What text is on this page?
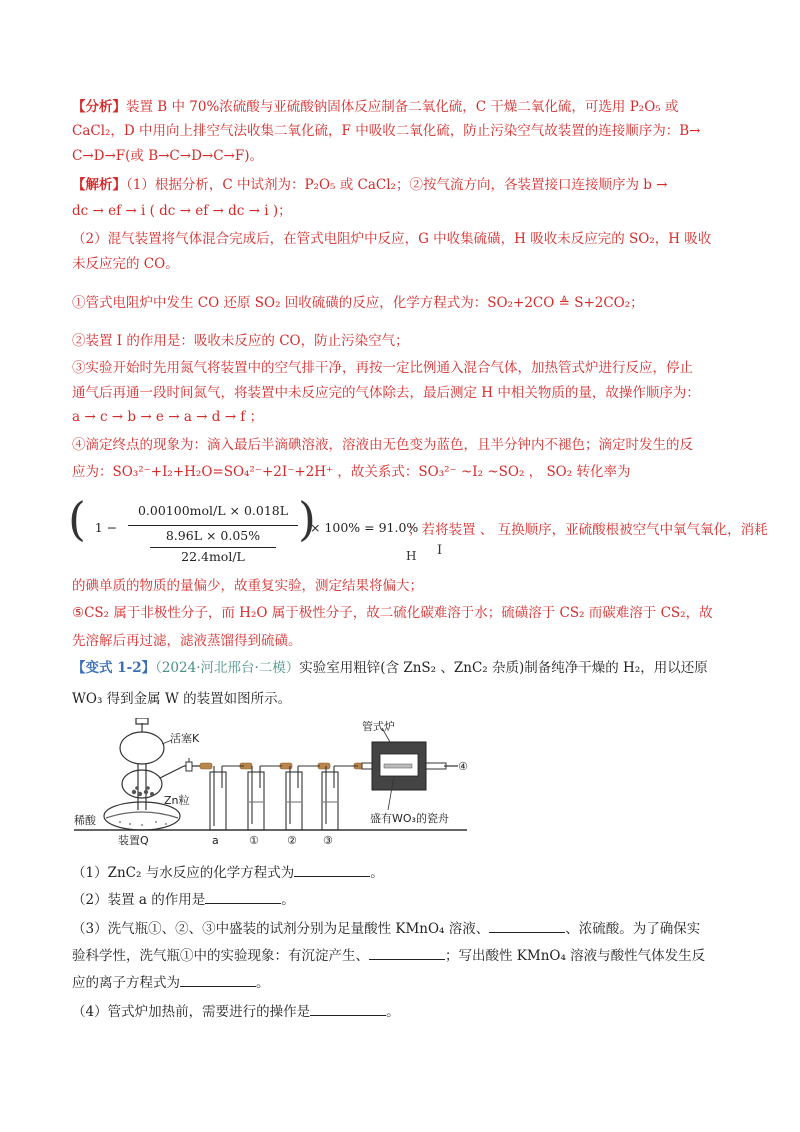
【分析】装置 B 中 70%浓硫酸与亚硫酸钠固体反应制备二氧化硫，C 干燥二氧化硫，可选用 P₂O₅ 或
CaCl₂，D 中用向上排空气法收集二氧化硫，F 中吸收二氧化硫，防止污染空气故装置的连接顺序为：B→
C→D→F(或 B→C→D→C→F)。
【解析】（1）根据分析，C 中试剂为：P₂O₅ 或 CaCl₂；②按气流方向，各装置接口连接顺序为 b →
dc → ef → i ( dc → ef → dc → i )；
（2）混气装置将气体混合完成后，在管式电阻炉中反应，G 中收集硫磺，H 吸收未反应完的 SO₂，H 吸收
未反应完的 CO。
①管式电阻炉中发生 CO 还原 SO₂ 回收硫磺的反应，化学方程式为：SO₂+2CO ≜ S+2CO₂；
②装置 I 的作用是：吸收未反应的 CO，防止污染空气；
③实验开始时先用氮气将装置中的空气排干净，再按一定比例通入混合气体，加热管式炉进行反应，停止
通气后再通一段时间氮气，将装置中未反应完的气体除去，最后测定 H 中相关物质的量，故操作顺序为：
a → c → b → e → a → d → f ；
④滴定终点的现象为：滴入最后半滴碘溶液，溶液由无色变为蓝色，且半分钟内不褪色；滴定时发生的反
应为：SO₃²⁻+I₂+H₂O=SO₄²⁻+2I⁻+2H⁺ ，故关系式：SO₃²⁻ ~I₂ ~SO₂ ， SO₂ 转化率为
( 1 −
0.00100mol/L × 0.018L
8.96L × 0.05%
22.4mol/L
)
× 100% = 91.0%
；若将装置 、 互换顺序，亚硫酸根被空气中氧气氧化，消耗
H I
的碘单质的物质的量偏少，故重复实验，测定结果将偏大；
⑤CS₂ 属于非极性分子，而 H₂O 属于极性分子，故二硫化碳难溶于水；硫磺溶于 CS₂ 而碳难溶于 CS₂，故
先溶解后再过滤，滤液蒸馏得到硫磺。
【变式 1-2】（2024·河北邢台·二模）实验室用粗锌(含 ZnS₂ 、ZnC₂ 杂质)制备纯净干燥的 H₂，用以还原
WO₃ 得到金属 W 的装置如图所示。
管式炉
活塞K
Zn粒
稀酸
装置Q	a	①	② ③
④
盛有WO₃的瓷舟
（1）ZnC₂ 与水反应的化学方程式为	。
（2）装置 a 的作用是	。
（3）洗气瓶①、②、③中盛装的试剂分别为足量酸性 KMnO₄ 溶液、	、浓硫酸。为了确保实
验科学性，洗气瓶①中的实验现象：有沉淀产生、	；写出酸性 KMnO₄ 溶液与酸性气体发生反
应的离子方程式为	。
（4）管式炉加热前，需要进行的操作是	。
